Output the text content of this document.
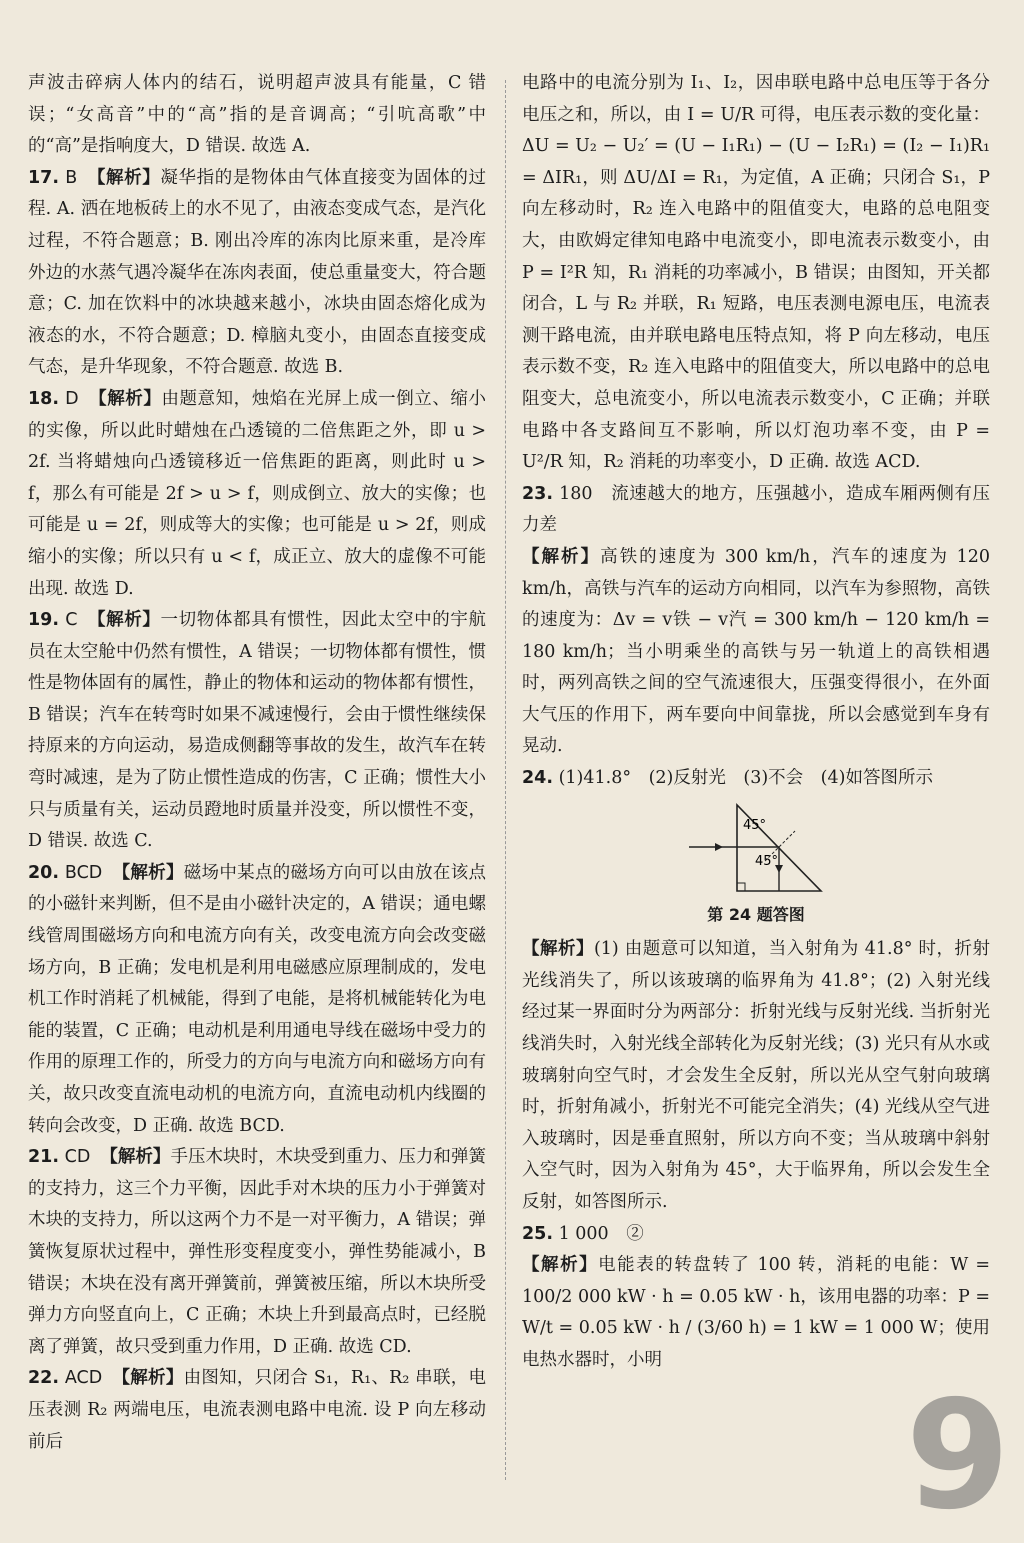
声波击碎病人体内的结石，说明超声波具有能量，C 错误；“女高音”中的“高”指的是音调高；“引吭高歌”中的“高”是指响度大，D 错误. 故选 A.

17. B 【解析】凝华指的是物体由气体直接变为固体的过程. A. 洒在地板砖上的水不见了，由液态变成气态，是汽化过程，不符合题意；B. 刚出冷库的冻肉比原来重，是冷库外边的水蒸气遇冷凝华在冻肉表面，使总重量变大，符合题意；C. 加在饮料中的冰块越来越小，冰块由固态熔化成为液态的水，不符合题意；D. 樟脑丸变小，由固态直接变成气态，是升华现象，不符合题意. 故选 B.

18. D 【解析】由题意知，烛焰在光屏上成一倒立、缩小的实像，所以此时蜡烛在凸透镜的二倍焦距之外，即 u > 2f. 当将蜡烛向凸透镜移近一倍焦距的距离，则此时 u > f，那么有可能是 2f > u > f，则成倒立、放大的实像；也可能是 u = 2f，则成等大的实像；也可能是 u > 2f，则成缩小的实像；所以只有 u < f，成正立、放大的虚像不可能出现. 故选 D.

19. C 【解析】一切物体都具有惯性，因此太空中的宇航员在太空舱中仍然有惯性，A 错误；一切物体都有惯性，惯性是物体固有的属性，静止的物体和运动的物体都有惯性，B 错误；汽车在转弯时如果不减速慢行，会由于惯性继续保持原来的方向运动，易造成侧翻等事故的发生，故汽车在转弯时减速，是为了防止惯性造成的伤害，C 正确；惯性大小只与质量有关，运动员蹬地时质量并没变，所以惯性不变，D 错误. 故选 C.

20. BCD 【解析】磁场中某点的磁场方向可以由放在该点的小磁针来判断，但不是由小磁针决定的，A 错误；通电螺线管周围磁场方向和电流方向有关，改变电流方向会改变磁场方向，B 正确；发电机是利用电磁感应原理制成的，发电机工作时消耗了机械能，得到了电能，是将机械能转化为电能的装置，C 正确；电动机是利用通电导线在磁场中受力的作用的原理工作的，所受力的方向与电流方向和磁场方向有关，故只改变直流电动机的电流方向，直流电动机内线圈的转向会改变，D 正确. 故选 BCD.

21. CD 【解析】手压木块时，木块受到重力、压力和弹簧的支持力，这三个力平衡，因此手对木块的压力小于弹簧对木块的支持力，所以这两个力不是一对平衡力，A 错误；弹簧恢复原状过程中，弹性形变程度变小，弹性势能减小，B 错误；木块在没有离开弹簧前，弹簧被压缩，所以木块所受弹力方向竖直向上，C 正确；木块上升到最高点时，已经脱离了弹簧，故只受到重力作用，D 正确. 故选 CD.

22. ACD 【解析】由图知，只闭合 S₁，R₁、R₂ 串联，电压表测 R₂ 两端电压，电流表测电路中电流. 设 P 向左移动前后

电路中的电流分别为 I₁、I₂，因串联电路中总电压等于各分电压之和，所以，由 I = U/R 可得，电压表示数的变化量：ΔU = U₂ − U₂′ = (U − I₁R₁) − (U − I₂R₁) = (I₂ − I₁)R₁ = ΔIR₁，则 ΔU/ΔI = R₁，为定值，A 正确；只闭合 S₁，P 向左移动时，R₂ 连入电路中的阻值变大，电路的总电阻变大，由欧姆定律知电路中电流变小，即电流表示数变小，由 P = I²R 知，R₁ 消耗的功率减小，B 错误；由图知，开关都闭合，L 与 R₂ 并联，R₁ 短路，电压表测电源电压，电流表测干路电流，由并联电路电压特点知，将 P 向左移动，电压表示数不变，R₂ 连入电路中的阻值变大，所以电路中的总电阻变大，总电流变小，所以电流表示数变小，C 正确；并联电路中各支路间互不影响，所以灯泡功率不变，由 P = U²/R 知，R₂ 消耗的功率变小，D 正确. 故选 ACD.

23. 180　流速越大的地方，压强越小，造成车厢两侧有压力差

【解析】高铁的速度为 300 km/h，汽车的速度为 120 km/h，高铁与汽车的运动方向相同，以汽车为参照物，高铁的速度为：Δv = v铁 − v汽 = 300 km/h − 120 km/h = 180 km/h；当小明乘坐的高铁与另一轨道上的高铁相遇时，两列高铁之间的空气流速很大，压强变得很小，在外面大气压的作用下，两车要向中间靠拢，所以会感觉到车身有晃动.

24. (1)41.8°　(2)反射光　(3)不会　(4)如答图所示

45°
45°
第 24 题答图

【解析】(1) 由题意可以知道，当入射角为 41.8° 时，折射光线消失了，所以该玻璃的临界角为 41.8°；(2) 入射光线经过某一界面时分为两部分：折射光线与反射光线. 当折射光线消失时，入射光线全部转化为反射光线；(3) 光只有从水或玻璃射向空气时，才会发生全反射，所以光从空气射向玻璃时，折射角减小，折射光不可能完全消失；(4) 光线从空气进入玻璃时，因是垂直照射，所以方向不变；当从玻璃中斜射入空气时，因为入射角为 45°，大于临界角，所以会发生全反射，如答图所示.

25. 1 000　②

【解析】电能表的转盘转了 100 转，消耗的电能：W = 100/2 000 kW · h = 0.05 kW · h，该用电器的功率：P = W/t = 0.05 kW · h / (3/60 h) = 1 kW = 1 000 W；使用电热水器时，小明

9
